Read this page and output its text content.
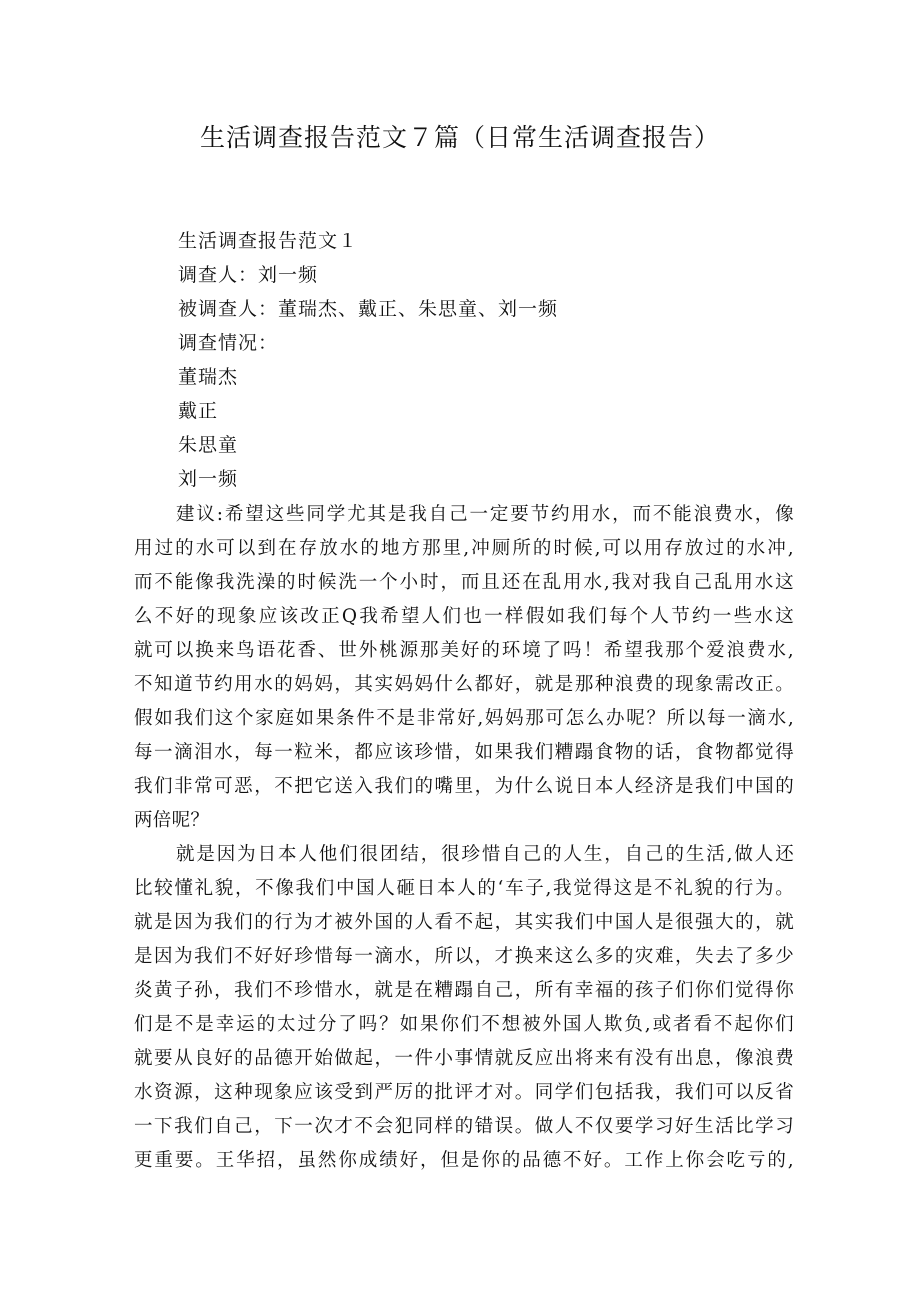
生活调查报告范文７篇（日常生活调查报告）
生活调查报告范文１
调查人：刘一频
被调查人：董瑞杰、戴正、朱思童、刘一频
调查情况：
董瑞杰
戴正
朱思童
刘一频
建议:希望这些同学尤其是我自己一定要节约用水，而不能浪费水，像
用过的水可以到在存放水的地方那里,冲厕所的时候,可以用存放过的水冲,
而不能像我洗澡的时候洗一个小时，而且还在乱用水,我对我自己乱用水这
么不好的现象应该改正Q我希望人们也一样假如我们每个人节约一些水这
就可以换来鸟语花香、世外桃源那美好的环境了吗！希望我那个爱浪费水,
不知道节约用水的妈妈，其实妈妈什么都好，就是那种浪费的现象需改正。
假如我们这个家庭如果条件不是非常好,妈妈那可怎么办呢？所以每一滴水,
每一滴泪水，每一粒米，都应该珍惜，如果我们糟蹋食物的话，食物都觉得
我们非常可恶，不把它送入我们的嘴里，为什么说日本人经济是我们中国的
两倍呢？
就是因为日本人他们很团结，很珍惜自己的人生，自己的生活,做人还
比较懂礼貌，不像我们中国人砸日本人的‘车子,我觉得这是不礼貌的行为。
就是因为我们的行为才被外国的人看不起，其实我们中国人是很强大的，就
是因为我们不好好珍惜每一滴水，所以，才换来这么多的灾难，失去了多少
炎黄子孙，我们不珍惜水，就是在糟蹋自己，所有幸福的孩子们你们觉得你
们是不是幸运的太过分了吗？如果你们不想被外国人欺负,或者看不起你们
就要从良好的品德开始做起，一件小事情就反应出将来有没有出息，像浪费
水资源，这种现象应该受到严厉的批评才对。同学们包括我，我们可以反省
一下我们自己，下一次才不会犯同样的错误。做人不仅要学习好生活比学习
更重要。王华招，虽然你成绩好，但是你的品德不好。工作上你会吃亏的,
